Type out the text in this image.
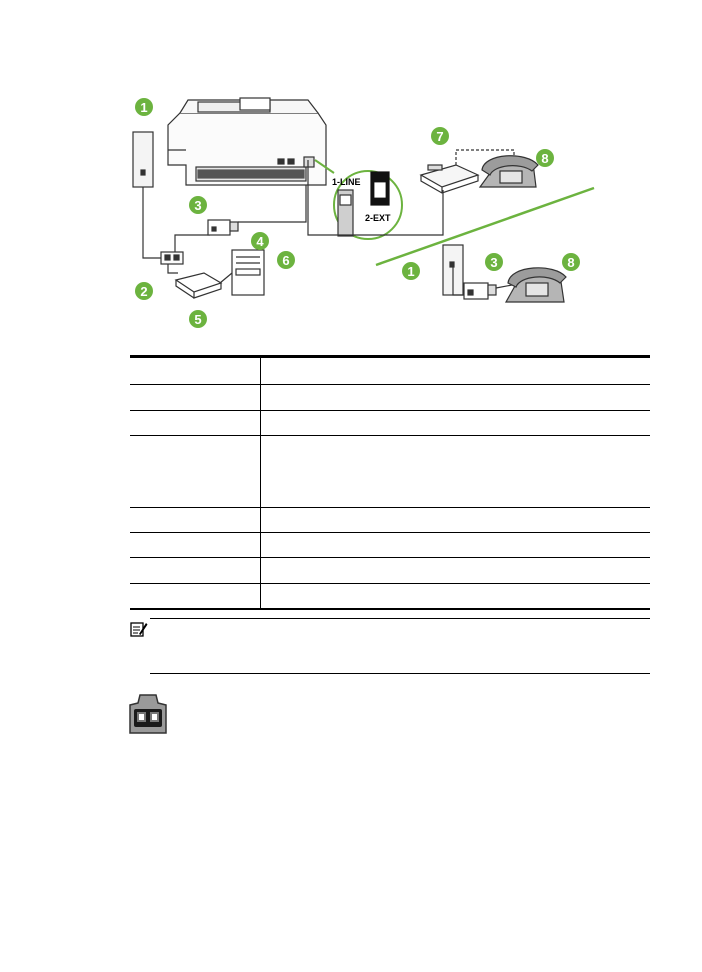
1
2
3
4
5
6
7
8
1
3	8
1-LINE
2-EXT
